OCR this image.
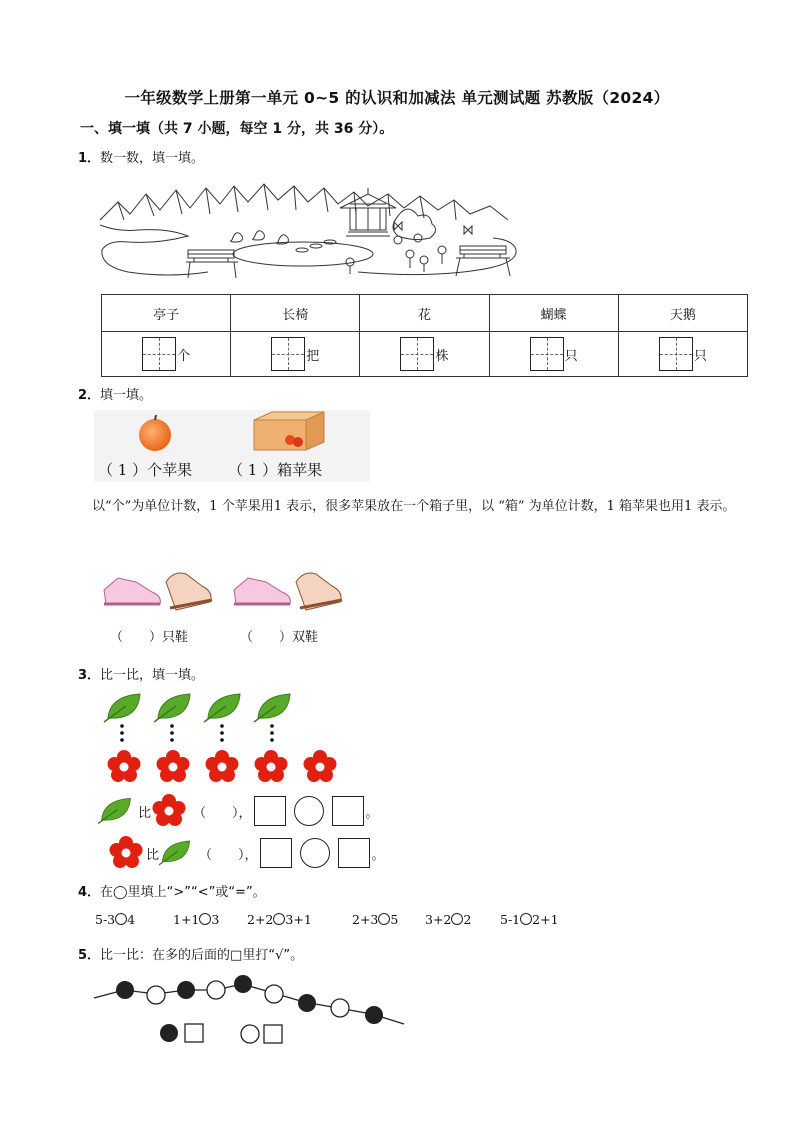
一年级数学上册第一单元 0~5 的认识和加减法 单元测试题 苏教版（2024）
一、填一填（共 7 小题，每空 1 分，共 36 分）。
1．数一数，填一填。
亭子	长椅	花	蝴蝶	天鹅
个	把	株	只	只
2．填一填。
（ 1 ）个苹果 （ 1 ）箱苹果
以“个”为单位计数，1 个苹果用1 表示，很多苹果放在一个箱子里，以 “箱” 为单位计数，1 箱苹果也用1 表示。
（　　）只鞋	（　　）双鞋
3．比一比，填一填。
比	（　　），	。
比	（　　），	。
4．在◯里填上“>”“<”或“=”。
5-3 4	1+1 3 2+2 3+1	2+3 5 3+2 2 5-1 2+1
5．比一比：在多的后面的□里打“√”。
